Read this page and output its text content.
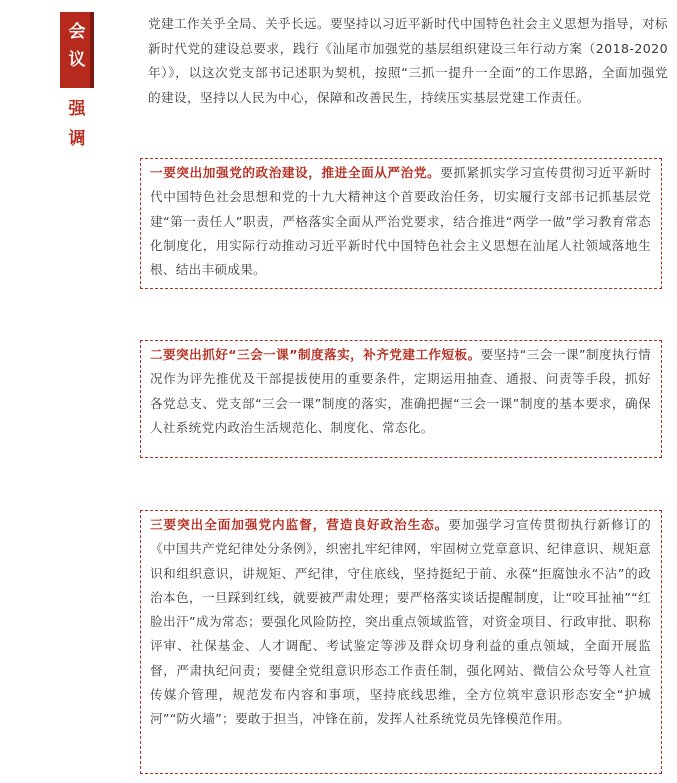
会
议
强
调
党建工作关乎全局、关乎长远。要坚持以习近平新时代中国特色社会主义思想为指导，对标新时代党的建设总要求，践行《汕尾市加强党的基层组织建设三年行动方案（2018-2020年）》，以这次党支部书记述职为契机，按照“三抓一提升一全面”的工作思路，全面加强党的建设，坚持以人民为中心，保障和改善民生，持续压实基层党建工作责任。
一要突出加强党的政治建设，推进全面从严治党。要抓紧抓实学习宣传贯彻习近平新时代中国特色社会思想和党的十九大精神这个首要政治任务，切实履行支部书记抓基层党建“第一责任人”职责，严格落实全面从严治党要求，结合推进“两学一做”学习教育常态化制度化，用实际行动推动习近平新时代中国特色社会主义思想在汕尾人社领域落地生根、结出丰硕成果。
二要突出抓好“三会一课”制度落实，补齐党建工作短板。要坚持“三会一课”制度执行情况作为评先推优及干部提拔使用的重要条件，定期运用抽查、通报、问责等手段，抓好各党总支、党支部“三会一课”制度的落实，准确把握“三会一课”制度的基本要求，确保人社系统党内政治生活规范化、制度化、常态化。
三要突出全面加强党内监督，营造良好政治生态。要加强学习宣传贯彻执行新修订的《中国共产党纪律处分条例》，织密扎牢纪律网，牢固树立党章意识、纪律意识、规矩意识和组织意识，讲规矩、严纪律，守住底线，坚持挺纪于前、永葆“拒腐蚀永不沾”的政治本色，一旦踩到红线，就要被严肃处理；要严格落实谈话提醒制度，让“咬耳扯袖”“红脸出汗”成为常态；要强化风险防控，突出重点领域监管，对资金项目、行政审批、职称评审、社保基金、人才调配、考试鉴定等涉及群众切身利益的重点领域，全面开展监督，严肃执纪问责；要健全党组意识形态工作责任制，强化网站、微信公众号等人社宣传媒介管理，规范发布内容和事项，坚持底线思维，全方位筑牢意识形态安全“护城河”“防火墙”；要敢于担当，冲锋在前，发挥人社系统党员先锋模范作用。
